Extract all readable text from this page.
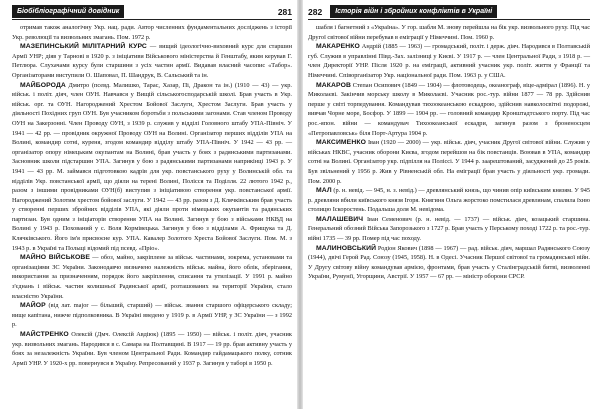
Біобібліографічний довідник	281

отримав також аналогічну Укр. нац. ради. Автор численних фундаментальних досліджень з історії Укр. революції та визвольних змагань. Пом. 1972 р.

МАЗЕПИНСЬКИЙ МІЛІТАРНИЙ КУРС — вищий ідеологічно-виховний курс для старшин Армії УНР; діяв у Тарнові в 1920 р. з ініціативи Військового міністерства й Генштабу, яким керував Г. Петлюра. Слухачами курсу були старшини з усіх частин армії. Видавав власний часопис «Табор». Організаторами виступили О. Шаповал, П. Шандрук, В. Сальський та ін.

МАЙБОРОДА Дмитро (псевд. Малишко, Тарас, Хазар, Пі, Дракон та ін.) (1910 — 43) — укр. військ. і політ. діяч, член ОУН. Навчався у Вищій сільськогосподарській школі. Брав участь в Укр. військ. орг. та ОУН. Нагороджений Хрестом Бойової Заслуги, Хрестом Заслуги. Брав участь у діяльності Похідних груп ОУН. Був учасником боротьби з польськими загонами. Став членом Проводу ОУН на Закерзонні. Член Проводу ОУН, з 1939 р. служив у відділі Головного штабу УПА-Північ. У 1941 — 42 рр. — провідник окружної Проводу ОУН на Волині. Організатор перших відділів УПА на Волині, командир сотні, куреня, згодом командир відділу штабу УПА-Північ. У 1942 — 43 рр. — організатор опору німецьким окупантам на Волині, брав участь у боях з радянськими партизанами. Засновник школи підстаршин УПА. Загинув у бою з радянськими партизанами наприкінці 1943 р. У 1941 — 43 рр. М. займався підготовкою кадрів для укр. повстанського руху у Волинській обл. та відділів Укр. повстанської армії, що діяли на терені Волині, Полісся та Поділля. 22 лютого 1942 р., разом з іншими провідниками ОУН(б) виступив з ініціативою створення укр. повстанської армії. Нагороджений Золотим хрестом бойової заслуги. У 1942 — 43 рр. разом з Д. Клячківським брав участь у створенні перших збройних відділів УПА, які діяли проти німецьких окупантів та радянських партизан. Був одним з ініціаторів створення УПА на Волині. Загинув у бою з військами НКВД на Волині у 1943 р. Похований у с. Воля Кормівецька. Загинув у бою з відділами А. Фрищука та Д. Клячківського. Його ім'я присвоєне кур. УПА. Кавалер Золотого Хреста Бойової Заслуги. Пом. М. з 1943 р. в Україні та Польщі відомий під псевд. «Пріо».

МАЙНО ВІЙСЬКОВЕ — обоз, майно, закріплене за військ. частинами, зокрема, установами та організаціями ЗС України. Законодавчо визначено належність військ. майна, його облік, зберігання, використання за призначенням, порядок його закріплення, списання та утилізації. У 1991 р. майно з'єднань і військ. частин колишньої Радянської армії, розташованих на території України, стало власністю України.

МАЙОР (від лат. major — більший, старший) — військ. звання старшого офіцерського складу; вище капітана, нижче підполковника. В Україні введено у 1919 р. в Армії УНР, у ЗС України — з 1992 р.

МАЙСТРЕНКО Олексій (Дмч. Олексій Авдіюк) (1895 — 1950) — військ. і політ. діяч, учасник укр. визвольних змагань. Народився в с. Самара на Полтавщині. В 1917 — 19 рр. брав активну участь у боях за незалежність України. Був членом Центральної Ради. Командир гайдамацького полку, сотник Армії УНР. У 1920-х рр. повернувся в Україну. Репресований у 1937 р. Загинув у таборі в 1950 р.

282	Історія війн і збройних конфліктів в Україні

шабля і багнетний з «Україна». У гор. шабля М. знову перейшла на бік укр. визвольного руху. Під час Другої світової війни перебував в еміграції у Німеччині. Пом. 1960 р.

МАКАРЕНКО Андрій (1885 — 1963) — громадський, політ. і держ. діяч. Народився в Полтавській губ. Служив в управлінні Півд.-Зах. залізниці у Києві. У 1917 р. — член Центральної Ради, з 1918 р. — член Директорії УНР. Після 1920 р. на еміграції, активний учасник укр. політ. життя у Франції та Німеччині. Співорганізатор Укр. національної ради. Пом. 1963 р. у США.

МАКАРОВ Степан Осипович (1849 — 1904) — флотоводець, океанограф, віце-адмірал (1896). Н. у Миколаєві. Закінчив морську школу в Миколаєві. Учасник рос.-тур. війни 1877 — 78 рр. Здійснив перше у світі торпедування. Командував тихоокеанською ескадрою, здійснив навколосвітні подорожі, вивчав Чорне море, Босфор. У 1899 — 1904 рр. — головний командир Кронштадтського порту. Під час рос.-япон. війни — командувач Тихоокеанської ескадри, загинув разом з броненосцем «Петропавловськ» біля Порт-Артура 1904 р.

МАКСИМЕНКО Іван (1920 — 2000) — укр. військ. діяч, учасник Другої світової війни. Служив у військах НКВС, учасник оборони Києва, згодом перейшов на бік повстанців. Воював в УПА, командир сотні на Волині. Організатор укр. підпілля на Поліссі. У 1944 р. заарештований, засуджений до 25 років. Був звільнений у 1956 р. Жив у Рівненській обл. На еміграції брав участь у діяльності укр. громади. Пом. 2000 р.

МАЛ (р. н. невід. — 945, н. з. невід.) — древлянський князь, що чинив опір київським князям. У 945 р. древляни вбили київського князя Ігоря. Княгиня Ольга жорстоко помстилася древлянам, спалила їхню столицю Іскоростень. Подальша доля М. невідома.

МАЛАШЕВИЧ Іван Семенович (р. н. невід. — 1737) — військ. діяч, козацький старшина. Генеральний обозний Війська Запорозького з 1727 р. Брав участь у Перському поході 1722 р. та рос.-тур. війні 1735 — 39 рр. Помер під час походу.

МАЛИНОВСЬКИЙ Родіон Якович (1898 — 1967) — рад. військ. діяч, маршал Радянського Союзу (1944), двічі Герой Рад. Союзу (1945, 1958). Н. в Одесі. Учасник Першої світової та громадянської війн. У Другу світову війну командував армією, фронтами, брав участь у Сталінградській битві, визволенні України, Румунії, Угорщини, Австрії. У 1957 — 67 рр. — міністр оборони СРСР.
